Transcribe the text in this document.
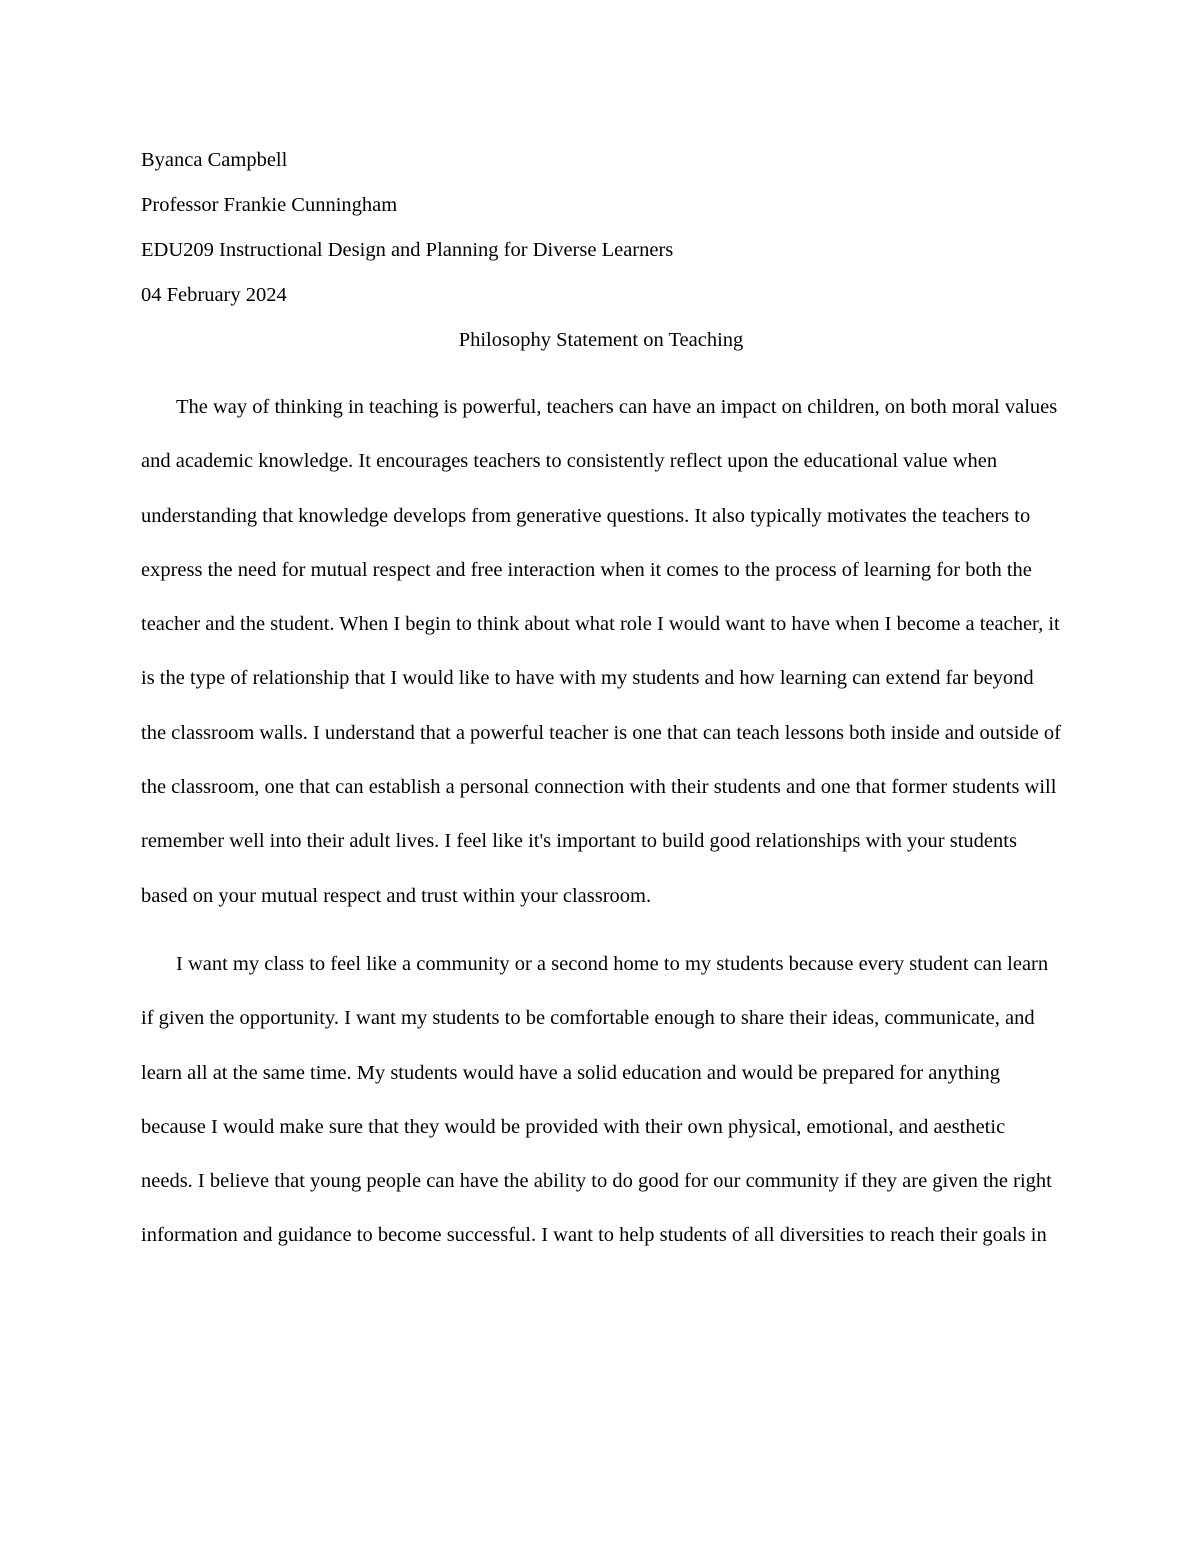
Byanca Campbell

Professor Frankie Cunningham

EDU209 Instructional Design and Planning for Diverse Learners

04 February 2024

Philosophy Statement on Teaching

The way of thinking in teaching is powerful, teachers can have an impact on children, on both moral values and academic knowledge. It encourages teachers to consistently reflect upon the educational value when understanding that knowledge develops from generative questions. It also typically motivates the teachers to express the need for mutual respect and free interaction when it comes to the process of learning for both the teacher and the student. When I begin to think about what role I would want to have when I become a teacher, it is the type of relationship that I would like to have with my students and how learning can extend far beyond the classroom walls. I understand that a powerful teacher is one that can teach lessons both inside and outside of the classroom, one that can establish a personal connection with their students and one that former students will remember well into their adult lives. I feel like it's important to build good relationships with your students based on your mutual respect and trust within your classroom.

I want my class to feel like a community or a second home to my students because every student can learn if given the opportunity. I want my students to be comfortable enough to share their ideas, communicate, and learn all at the same time. My students would have a solid education and would be prepared for anything because I would make sure that they would be provided with their own physical, emotional, and aesthetic needs. I believe that young people can have the ability to do good for our community if they are given the right information and guidance to become successful. I want to help students of all diversities to reach their goals in
